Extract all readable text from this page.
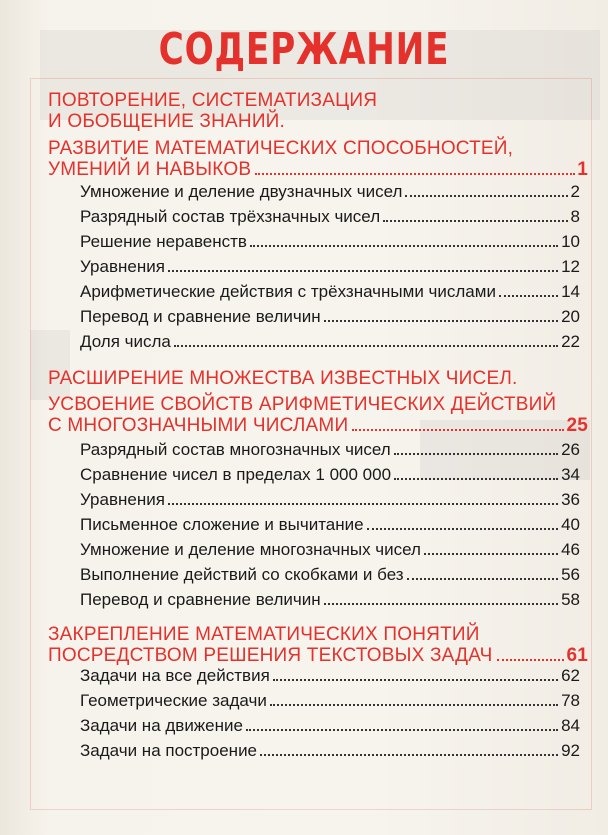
СОДЕРЖАНИЕ
ПОВТОРЕНИЕ, СИСТЕМАТИЗАЦИЯ
И ОБОБЩЕНИЕ ЗНАНИЙ.
РАЗВИТИЕ МАТЕМАТИЧЕСКИХ СПОСОБНОСТЕЙ,
УМЕНИЙ И НАВЫКОВ	1
Умножение и деление двузначных чисел	2
Разрядный состав трёхзначных чисел	8
Решение неравенств	10
Уравнения	12
Арифметические действия с трёхзначными числами	14
Перевод и сравнение величин	20
Доля числа	22
РАСШИРЕНИЕ МНОЖЕСТВА ИЗВЕСТНЫХ ЧИСЕЛ.
УСВОЕНИЕ СВОЙСТВ АРИФМЕТИЧЕСКИХ ДЕЙСТВИЙ
С МНОГОЗНАЧНЫМИ ЧИСЛАМИ	25
Разрядный состав многозначных чисел	26
Сравнение чисел в пределах 1 000 000	34
Уравнения	36
Письменное сложение и вычитание	40
Умножение и деление многозначных чисел	46
Выполнение действий со скобками и без	56
Перевод и сравнение величин	58
ЗАКРЕПЛЕНИЕ МАТЕМАТИЧЕСКИХ ПОНЯТИЙ
ПОСРЕДСТВОМ РЕШЕНИЯ ТЕКСТОВЫХ ЗАДАЧ	61
Задачи на все действия	62
Геометрические задачи	78
Задачи на движение	84
Задачи на построение	92
